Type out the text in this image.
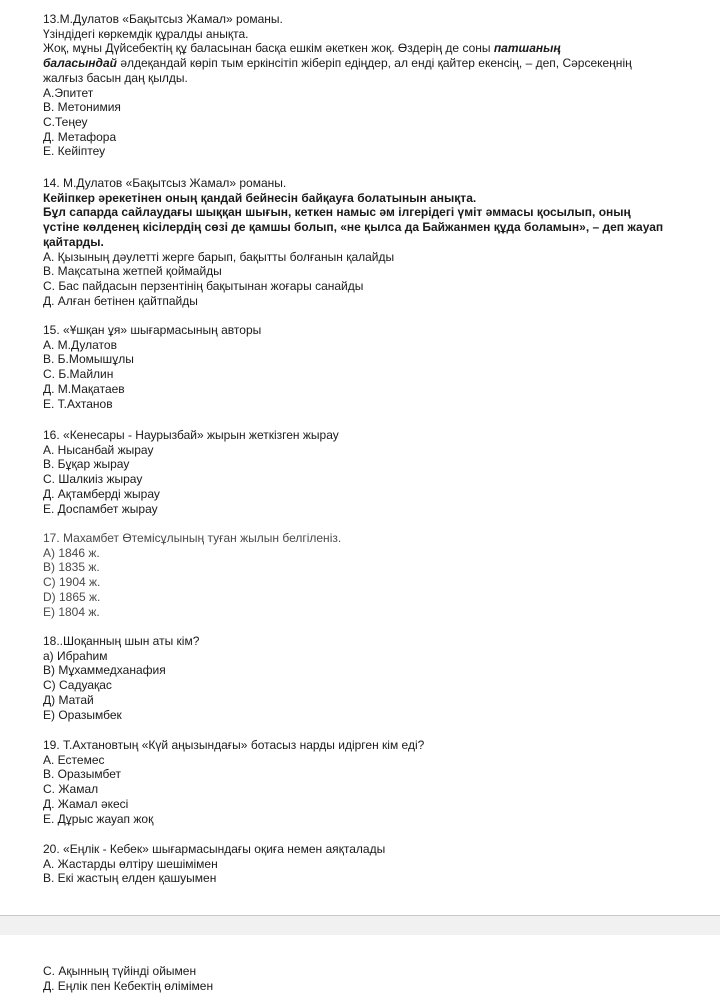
13.М.Дулатов «Бақытсыз Жамал» романы.
Үзіндідегі көркемдік құралды анықта.
Жоқ, мұны Дүйсебектің құ баласынан басқа ешкім әкеткен жоқ. Өздерің де соны патшаның
баласындай әлдеқандай көріп тым еркінсітіп жіберіп едіңдер, ал енді қайтер екенсің, – деп, Сәрсекеңнің
жалғыз басын даң қылды.
А.Эпитет
В. Метонимия
С.Теңеу
Д. Метафора
Е. Кейіптеу
14. М.Дулатов «Бақытсыз Жамал» романы.
Кейіпкер әрекетінен оның қандай бейнесін байқауға болатынын анықта.
Бұл сапарда сайлаудағы шыққан шығын, кеткен намыс әм ілгерідегі үміт әммасы қосылып, оның
үстіне көлденең кісілердің сөзі де қамшы болып, «не қылса да Байжанмен құда боламын», – деп жауап
қайтарды.
А. Қызының дәулетті жерге барып, бақытты болғанын қалайды
В. Мақсатына жетпей қоймайды
С. Бас пайдасын перзентінің бақытынан жоғары санайды
Д. Алған бетінен қайтпайды
15. «Ұшқан ұя» шығармасының авторы
А. М.Дулатов
В. Б.Момышұлы
С. Б.Майлин
Д. М.Мақатаев
Е. Т.Ахтанов
16. «Кенесары - Наурызбай» жырын жеткізген жырау
А. Нысанбай жырау
В. Бұқар жырау
С. Шалкиіз жырау
Д. Ақтамберді жырау
Е. Доспамбет жырау
17. Махамбет Өтемісұлының туған жылын белгіленіз.
А) 1846 ж.
В) 1835 ж.
С) 1904 ж.
D) 1865 ж.
Е) 1804 ж.
18..Шоқанның шын аты кім?
а) Ибраһим
В) Мұхаммедханафия
С) Садуақас
Д) Матай
Е) Оразымбек
19. Т.Ахтановтың «Күй аңызындағы» ботасыз нарды идірген кім еді?
А. Естемес
В. Оразымбет
С. Жамал
Д. Жамал әкесі
Е. Дұрыс жауап жоқ
20. «Еңлік - Кебек» шығармасындағы оқиға немен аяқталады
А. Жастарды өлтіру шешімімен
В. Екі жастың елден қашуымен
С. Ақынның түйінді ойымен
Д. Еңлік пен Кебектің өлімімен
